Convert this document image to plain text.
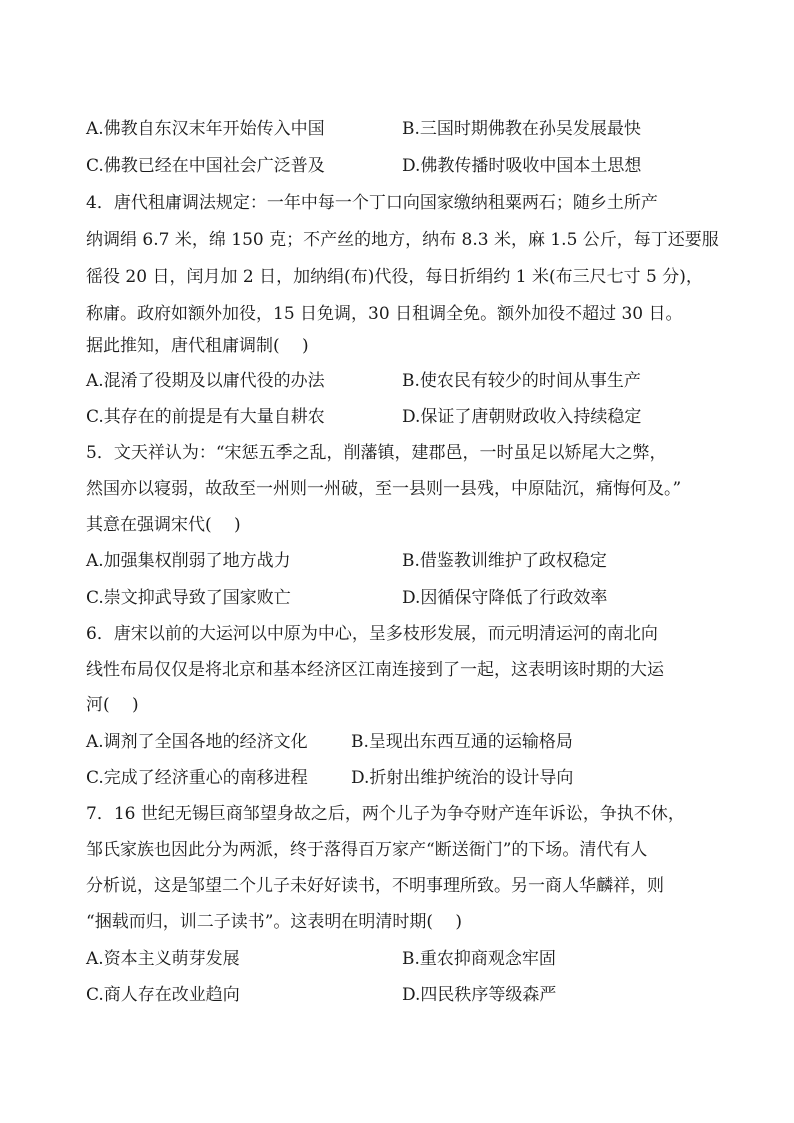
A.佛教自东汉末年开始传入中国	B.三国时期佛教在孙吴发展最快
C.佛教已经在中国社会广泛普及	D.佛教传播时吸收中国本土思想
4．唐代租庸调法规定：一年中每一个丁口向国家缴纳租粟两石；随乡土所产
纳调绢 6.7 米，绵 150 克；不产丝的地方，纳布 8.3 米，麻 1.5 公斤，每丁还要服
徭役 20 日，闰月加 2 日，加纳绢(布)代役，每日折绢约 1 米(布三尺七寸 5 分)，
称庸。政府如额外加役，15 日免调，30 日租调全免。额外加役不超过 30 日。
据此推知，唐代租庸调制(　 )
A.混淆了役期及以庸代役的办法	B.使农民有较少的时间从事生产
C.其存在的前提是有大量自耕农	D.保证了唐朝财政收入持续稳定
5．文天祥认为：“宋惩五季之乱，削藩镇，建郡邑，一时虽足以矫尾大之弊，
然国亦以寝弱，故敌至一州则一州破，至一县则一县残，中原陆沉，痛悔何及。”
其意在强调宋代(　 )
A.加强集权削弱了地方战力	B.借鉴教训维护了政权稳定
C.崇文抑武导致了国家败亡	D.因循保守降低了行政效率
6．唐宋以前的大运河以中原为中心，呈多枝形发展，而元明清运河的南北向
线性布局仅仅是将北京和基本经济区江南连接到了一起，这表明该时期的大运
河(　 )
A.调剂了全国各地的经济文化	B.呈现出东西互通的运输格局
C.完成了经济重心的南移进程	D.折射出维护统治的设计导向
7．16 世纪无锡巨商邹望身故之后，两个儿子为争夺财产连年诉讼，争执不休，
邹氏家族也因此分为两派，终于落得百万家产“断送衙门”的下场。清代有人
分析说，这是邹望二个儿子未好好读书，不明事理所致。另一商人华麟祥，则
“捆载而归，训二子读书”。这表明在明清时期(　 )
A.资本主义萌芽发展	B.重农抑商观念牢固
C.商人存在改业趋向	D.四民秩序等级森严
